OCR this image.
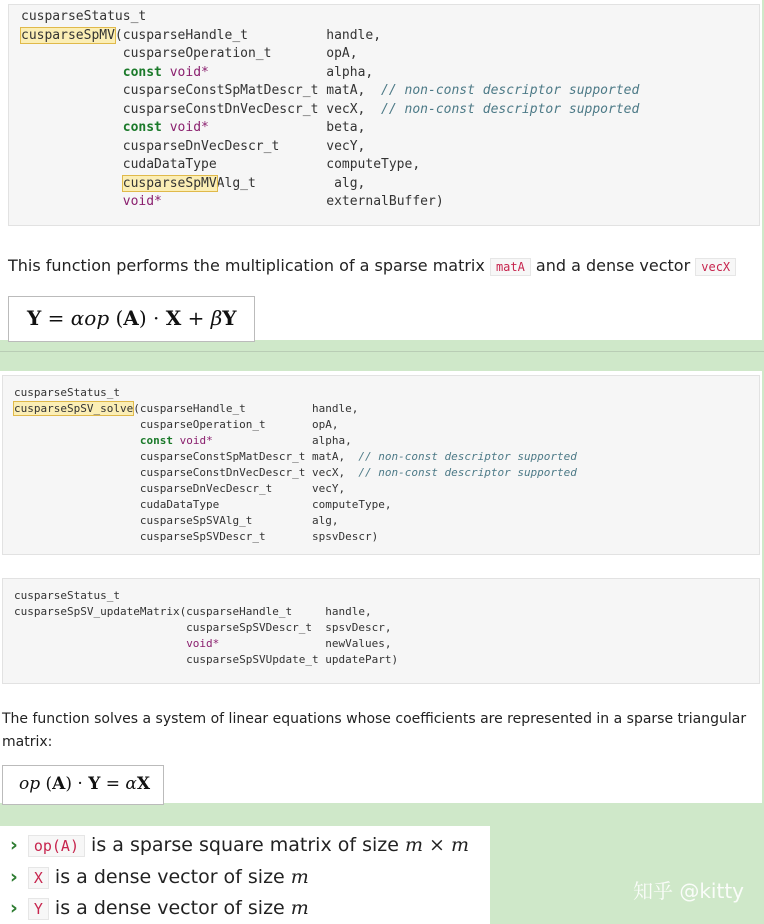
cusparseStatus_t
cusparseSpMV(cusparseHandle_t          handle,
cusparseOperation_t       opA,
const void*               alpha,
cusparseConstSpMatDescr_t matA,  // non-const descriptor supported
cusparseConstDnVecDescr_t vecX,  // non-const descriptor supported
const void*               beta,
cusparseDnVecDescr_t      vecY,
cudaDataType              computeType,
cusparseSpMVAlg_t          alg,
void*                     externalBuffer)
This function performs the multiplication of a sparse matrix matA and a dense vector vecX
Y = αop (A) · X + βY
cusparseStatus_t
cusparseSpSV_solve(cusparseHandle_t          handle,
cusparseOperation_t       opA,
const void*               alpha,
cusparseConstSpMatDescr_t matA,  // non-const descriptor supported
cusparseConstDnVecDescr_t vecX,  // non-const descriptor supported
cusparseDnVecDescr_t      vecY,
cudaDataType              computeType,
cusparseSpSVAlg_t         alg,
cusparseSpSVDescr_t       spsvDescr)
cusparseStatus_t
cusparseSpSV_updateMatrix(cusparseHandle_t     handle,
cusparseSpSVDescr_t  spsvDescr,
void*                newValues,
cusparseSpSVUpdate_t updatePart)
The function solves a system of linear equations whose coefficients are represented in a sparse triangular
matrix:
op (A) · Y = αX
› op(A) is a sparse square matrix of size m × m
› X is a dense vector of size m
› Y is a dense vector of size m
知乎 @kitty
